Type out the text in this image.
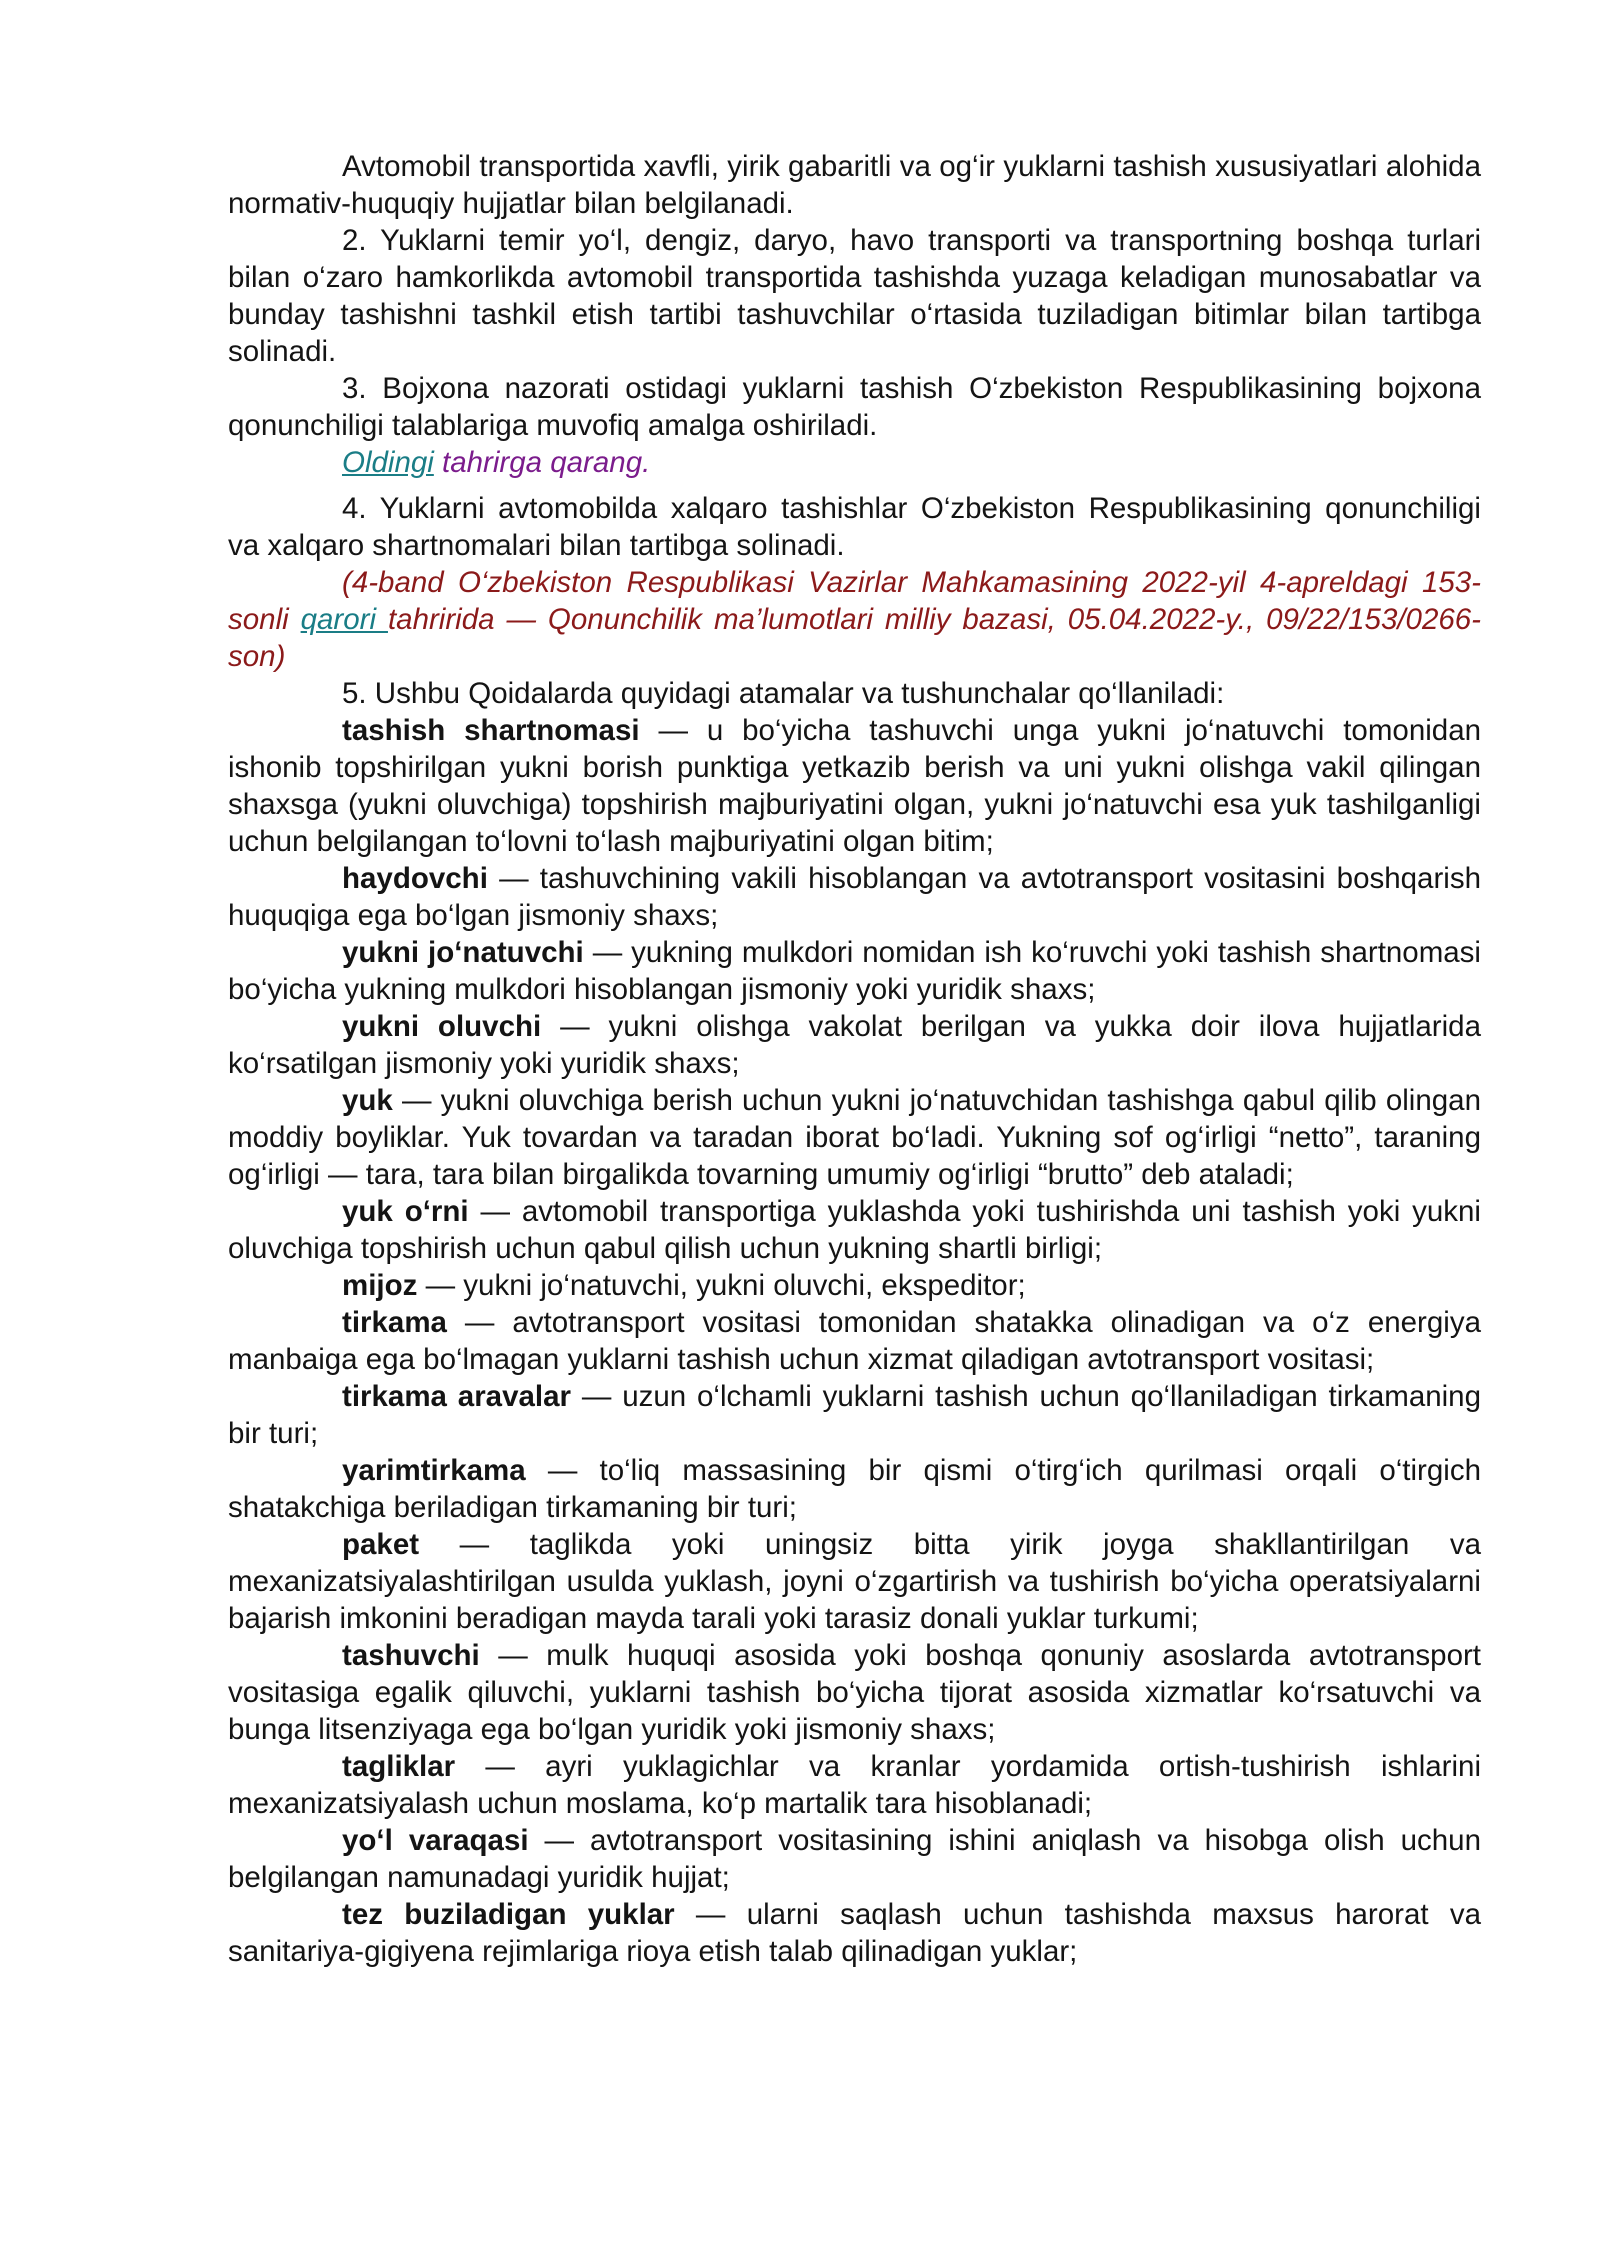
Avtomobil transportida xavfli, yirik gabaritli va og‘ir yuklarni tashish xususiyatlari alohida normativ-huquqiy hujjatlar bilan belgilanadi.

2. Yuklarni temir yo‘l, dengiz, daryo, havo transporti va transportning boshqa turlari bilan o‘zaro hamkorlikda avtomobil transportida tashishda yuzaga keladigan munosabatlar va bunday tashishni tashkil etish tartibi tashuvchilar o‘rtasida tuziladigan bitimlar bilan tartibga solinadi.

3. Bojxona nazorati ostidagi yuklarni tashish O‘zbekiston Respublikasining bojxona qonunchiligi talablariga muvofiq amalga oshiriladi.

Oldingi tahrirga qarang.

4. Yuklarni avtomobilda xalqaro tashishlar O‘zbekiston Respublikasining qonunchiligi va xalqaro shartnomalari bilan tartibga solinadi.

(4-band O‘zbekiston Respublikasi Vazirlar Mahkamasining 2022-yil 4-apreldagi 153-sonli qarori tahririda — Qonunchilik ma’lumotlari milliy bazasi, 05.04.2022-y., 09/22/153/0266-son)

5. Ushbu Qoidalarda quyidagi atamalar va tushunchalar qo‘llaniladi:

tashish shartnomasi — u bo‘yicha tashuvchi unga yukni jo‘natuvchi tomonidan ishonib topshirilgan yukni borish punktiga yetkazib berish va uni yukni olishga vakil qilingan shaxsga (yukni oluvchiga) topshirish majburiyatini olgan, yukni jo‘natuvchi esa yuk tashilganligi uchun belgilangan to‘lovni to‘lash majburiyatini olgan bitim;

haydovchi — tashuvchining vakili hisoblangan va avtotransport vositasini boshqarish huquqiga ega bo‘lgan jismoniy shaxs;

yukni jo‘natuvchi — yukning mulkdori nomidan ish ko‘ruvchi yoki tashish shartnomasi bo‘yicha yukning mulkdori hisoblangan jismoniy yoki yuridik shaxs;

yukni oluvchi — yukni olishga vakolat berilgan va yukka doir ilova hujjatlarida ko‘rsatilgan jismoniy yoki yuridik shaxs;

yuk — yukni oluvchiga berish uchun yukni jo‘natuvchidan tashishga qabul qilib olingan moddiy boyliklar. Yuk tovardan va taradan iborat bo‘ladi. Yukning sof og‘irligi “netto”, taraning og‘irligi — tara, tara bilan birgalikda tovarning umumiy og‘irligi “brutto” deb ataladi;

yuk o‘rni — avtomobil transportiga yuklashda yoki tushirishda uni tashish yoki yukni oluvchiga topshirish uchun qabul qilish uchun yukning shartli birligi;

mijoz — yukni jo‘natuvchi, yukni oluvchi, ekspeditor;

tirkama — avtotransport vositasi tomonidan shatakka olinadigan va o‘z energiya manbaiga ega bo‘lmagan yuklarni tashish uchun xizmat qiladigan avtotransport vositasi;

tirkama aravalar — uzun o‘lchamli yuklarni tashish uchun qo‘llaniladigan tirkamaning bir turi;

yarimtirkama — to‘liq massasining bir qismi o‘tirg‘ich qurilmasi orqali o‘tirgich shatakchiga beriladigan tirkamaning bir turi;

paket — taglikda yoki uningsiz bitta yirik joyga shakllantirilgan va mexanizatsiyalashtirilgan usulda yuklash, joyni o‘zgartirish va tushirish bo‘yicha operatsiyalarni bajarish imkonini beradigan mayda tarali yoki tarasiz donali yuklar turkumi;

tashuvchi — mulk huquqi asosida yoki boshqa qonuniy asoslarda avtotransport vositasiga egalik qiluvchi, yuklarni tashish bo‘yicha tijorat asosida xizmatlar ko‘rsatuvchi va bunga litsenziyaga ega bo‘lgan yuridik yoki jismoniy shaxs;

tagliklar — ayri yuklagichlar va kranlar yordamida ortish-tushirish ishlarini mexanizatsiyalash uchun moslama, ko‘p martalik tara hisoblanadi;

yo‘l varaqasi — avtotransport vositasining ishini aniqlash va hisobga olish uchun belgilangan namunadagi yuridik hujjat;

tez buziladigan yuklar — ularni saqlash uchun tashishda maxsus harorat va sanitariya-gigiyena rejimlariga rioya etish talab qilinadigan yuklar;
